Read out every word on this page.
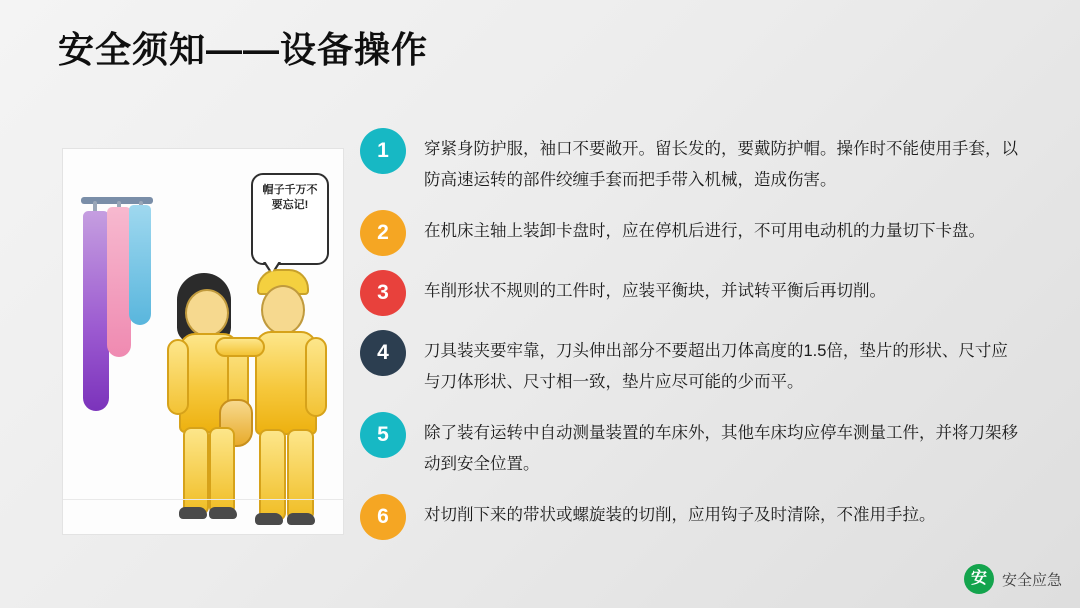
安全须知——设备操作
帽子千万不要忘记!
1	穿紧身防护服，袖口不要敞开。留长发的，要戴防护帽。操作时不能使用手套，以防高速运转的部件绞缠手套而把手带入机械，造成伤害。
2	在机床主轴上装卸卡盘时，应在停机后进行，不可用电动机的力量切下卡盘。
3	车削形状不规则的工件时，应装平衡块，并试转平衡后再切削。
4	刀具装夹要牢靠，刀头伸出部分不要超出刀体高度的1.5倍，垫片的形状、尺寸应与刀体形状、尺寸相一致，垫片应尽可能的少而平。
5	除了装有运转中自动测量装置的车床外，其他车床均应停车测量工件，并将刀架移动到安全位置。
6	对切削下来的带状或螺旋装的切削，应用钩子及时清除，不准用手拉。
安 安全应急
